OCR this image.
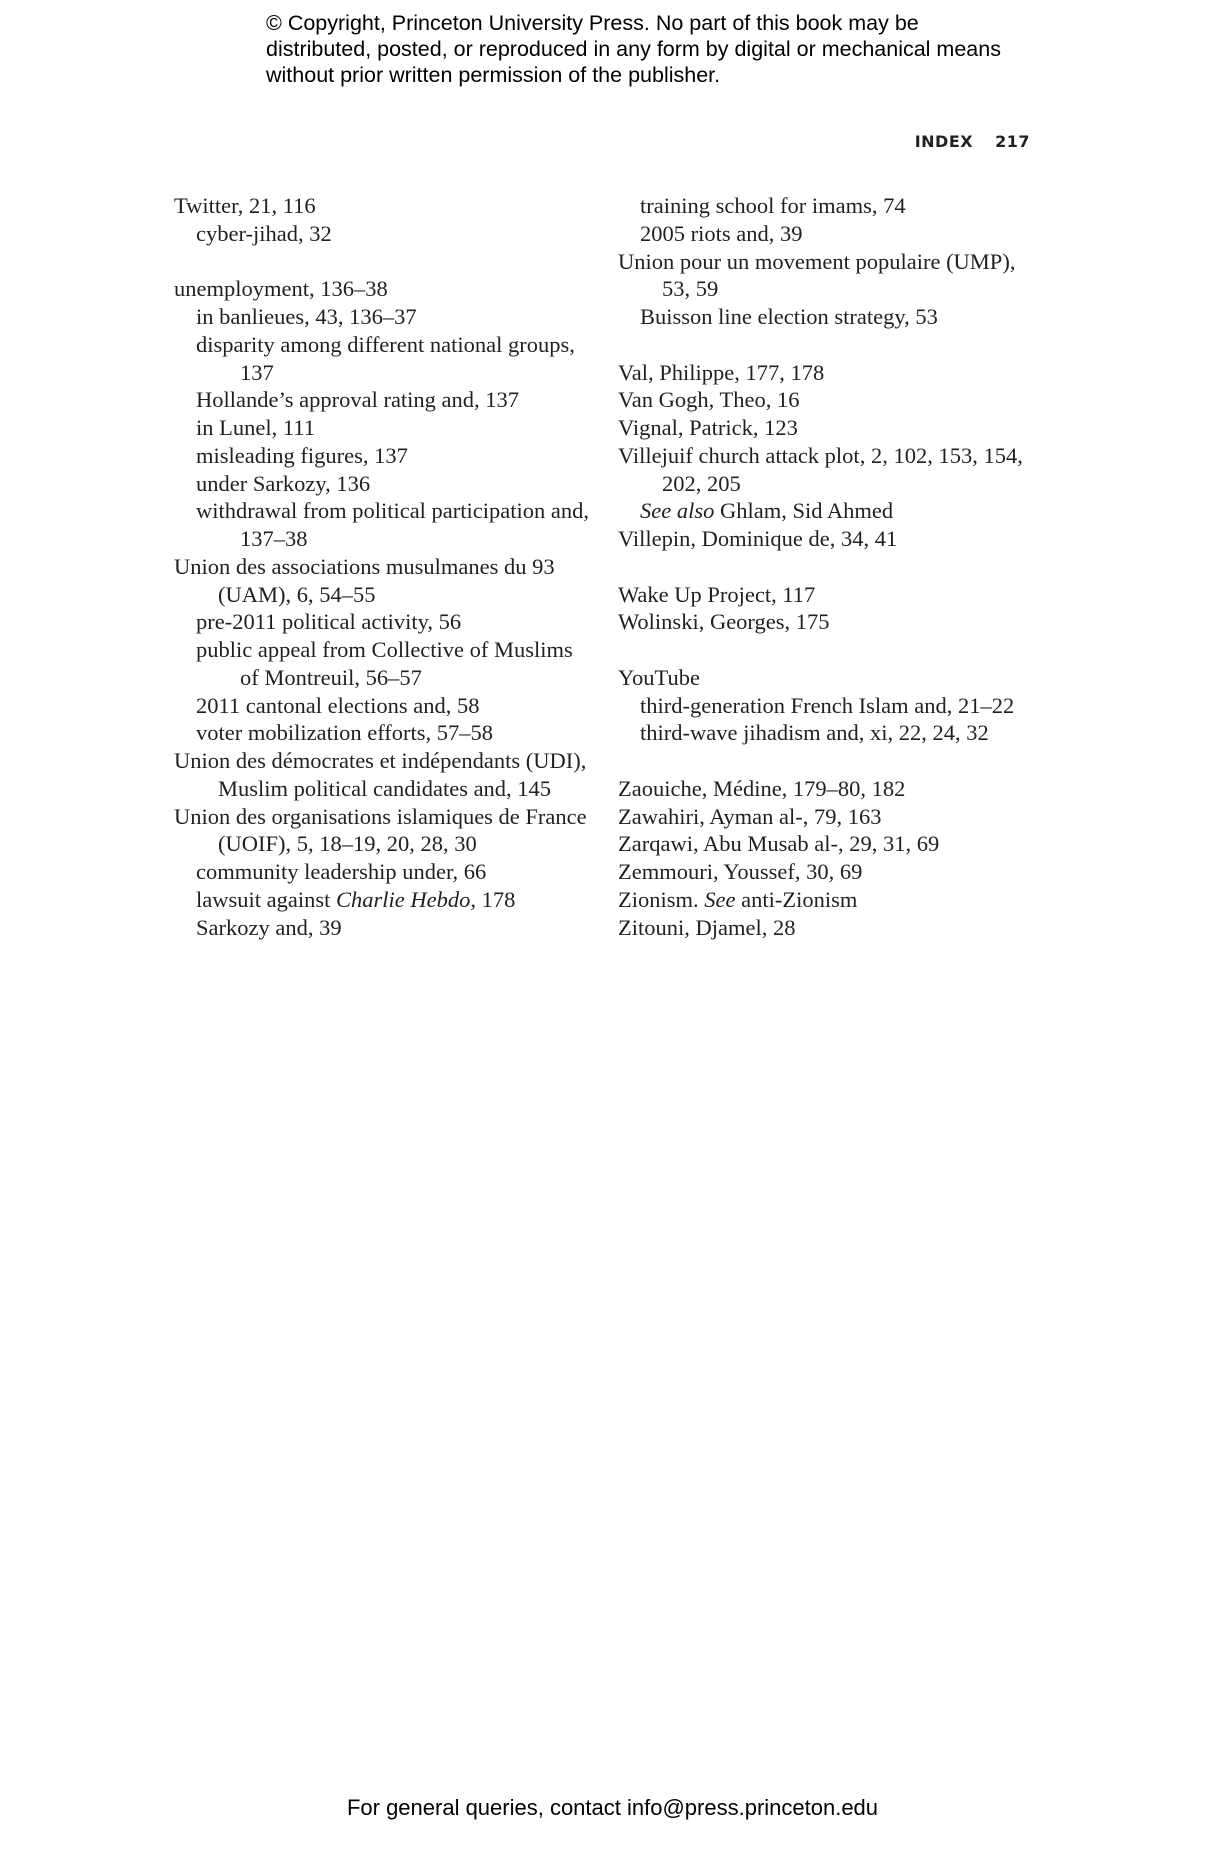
© Copyright, Princeton University Press. No part of this book may be distributed, posted, or reproduced in any form by digital or mechanical means without prior written permission of the publisher.
INDEX 217

Twitter, 21, 116

cyber-jihad, 32

unemployment, 136–38

in banlieues, 43, 136–37

disparity among different national groups, 137

Hollande’s approval rating and, 137

in Lunel, 111

misleading figures, 137

under Sarkozy, 136

withdrawal from political participation and, 137–38

Union des associations musulmanes du 93 (UAM), 6, 54–55

pre-2011 political activity, 56

public appeal from Collective of Muslims of Montreuil, 56–57

2011 cantonal elections and, 58

voter mobilization efforts, 57–58

Union des démocrates et indépendants (UDI), Muslim political candidates and, 145

Union des organisations islamiques de France (UOIF), 5, 18–19, 20, 28, 30

community leadership under, 66

lawsuit against Charlie Hebdo, 178

Sarkozy and, 39

training school for imams, 74

2005 riots and, 39

Union pour un movement populaire (UMP), 53, 59

Buisson line election strategy, 53

Val, Philippe, 177, 178

Van Gogh, Theo, 16

Vignal, Patrick, 123

Villejuif church attack plot, 2, 102, 153, 154, 202, 205

See also Ghlam, Sid Ahmed

Villepin, Dominique de, 34, 41

Wake Up Project, 117

Wolinski, Georges, 175

YouTube

third-generation French Islam and, 21–22

third-wave jihadism and, xi, 22, 24, 32

Zaouiche, Médine, 179–80, 182

Zawahiri, Ayman al-, 79, 163

Zarqawi, Abu Musab al-, 29, 31, 69

Zemmouri, Youssef, 30, 69

Zionism. See anti-Zionism

Zitouni, Djamel, 28

For general queries, contact info@press.princeton.edu
